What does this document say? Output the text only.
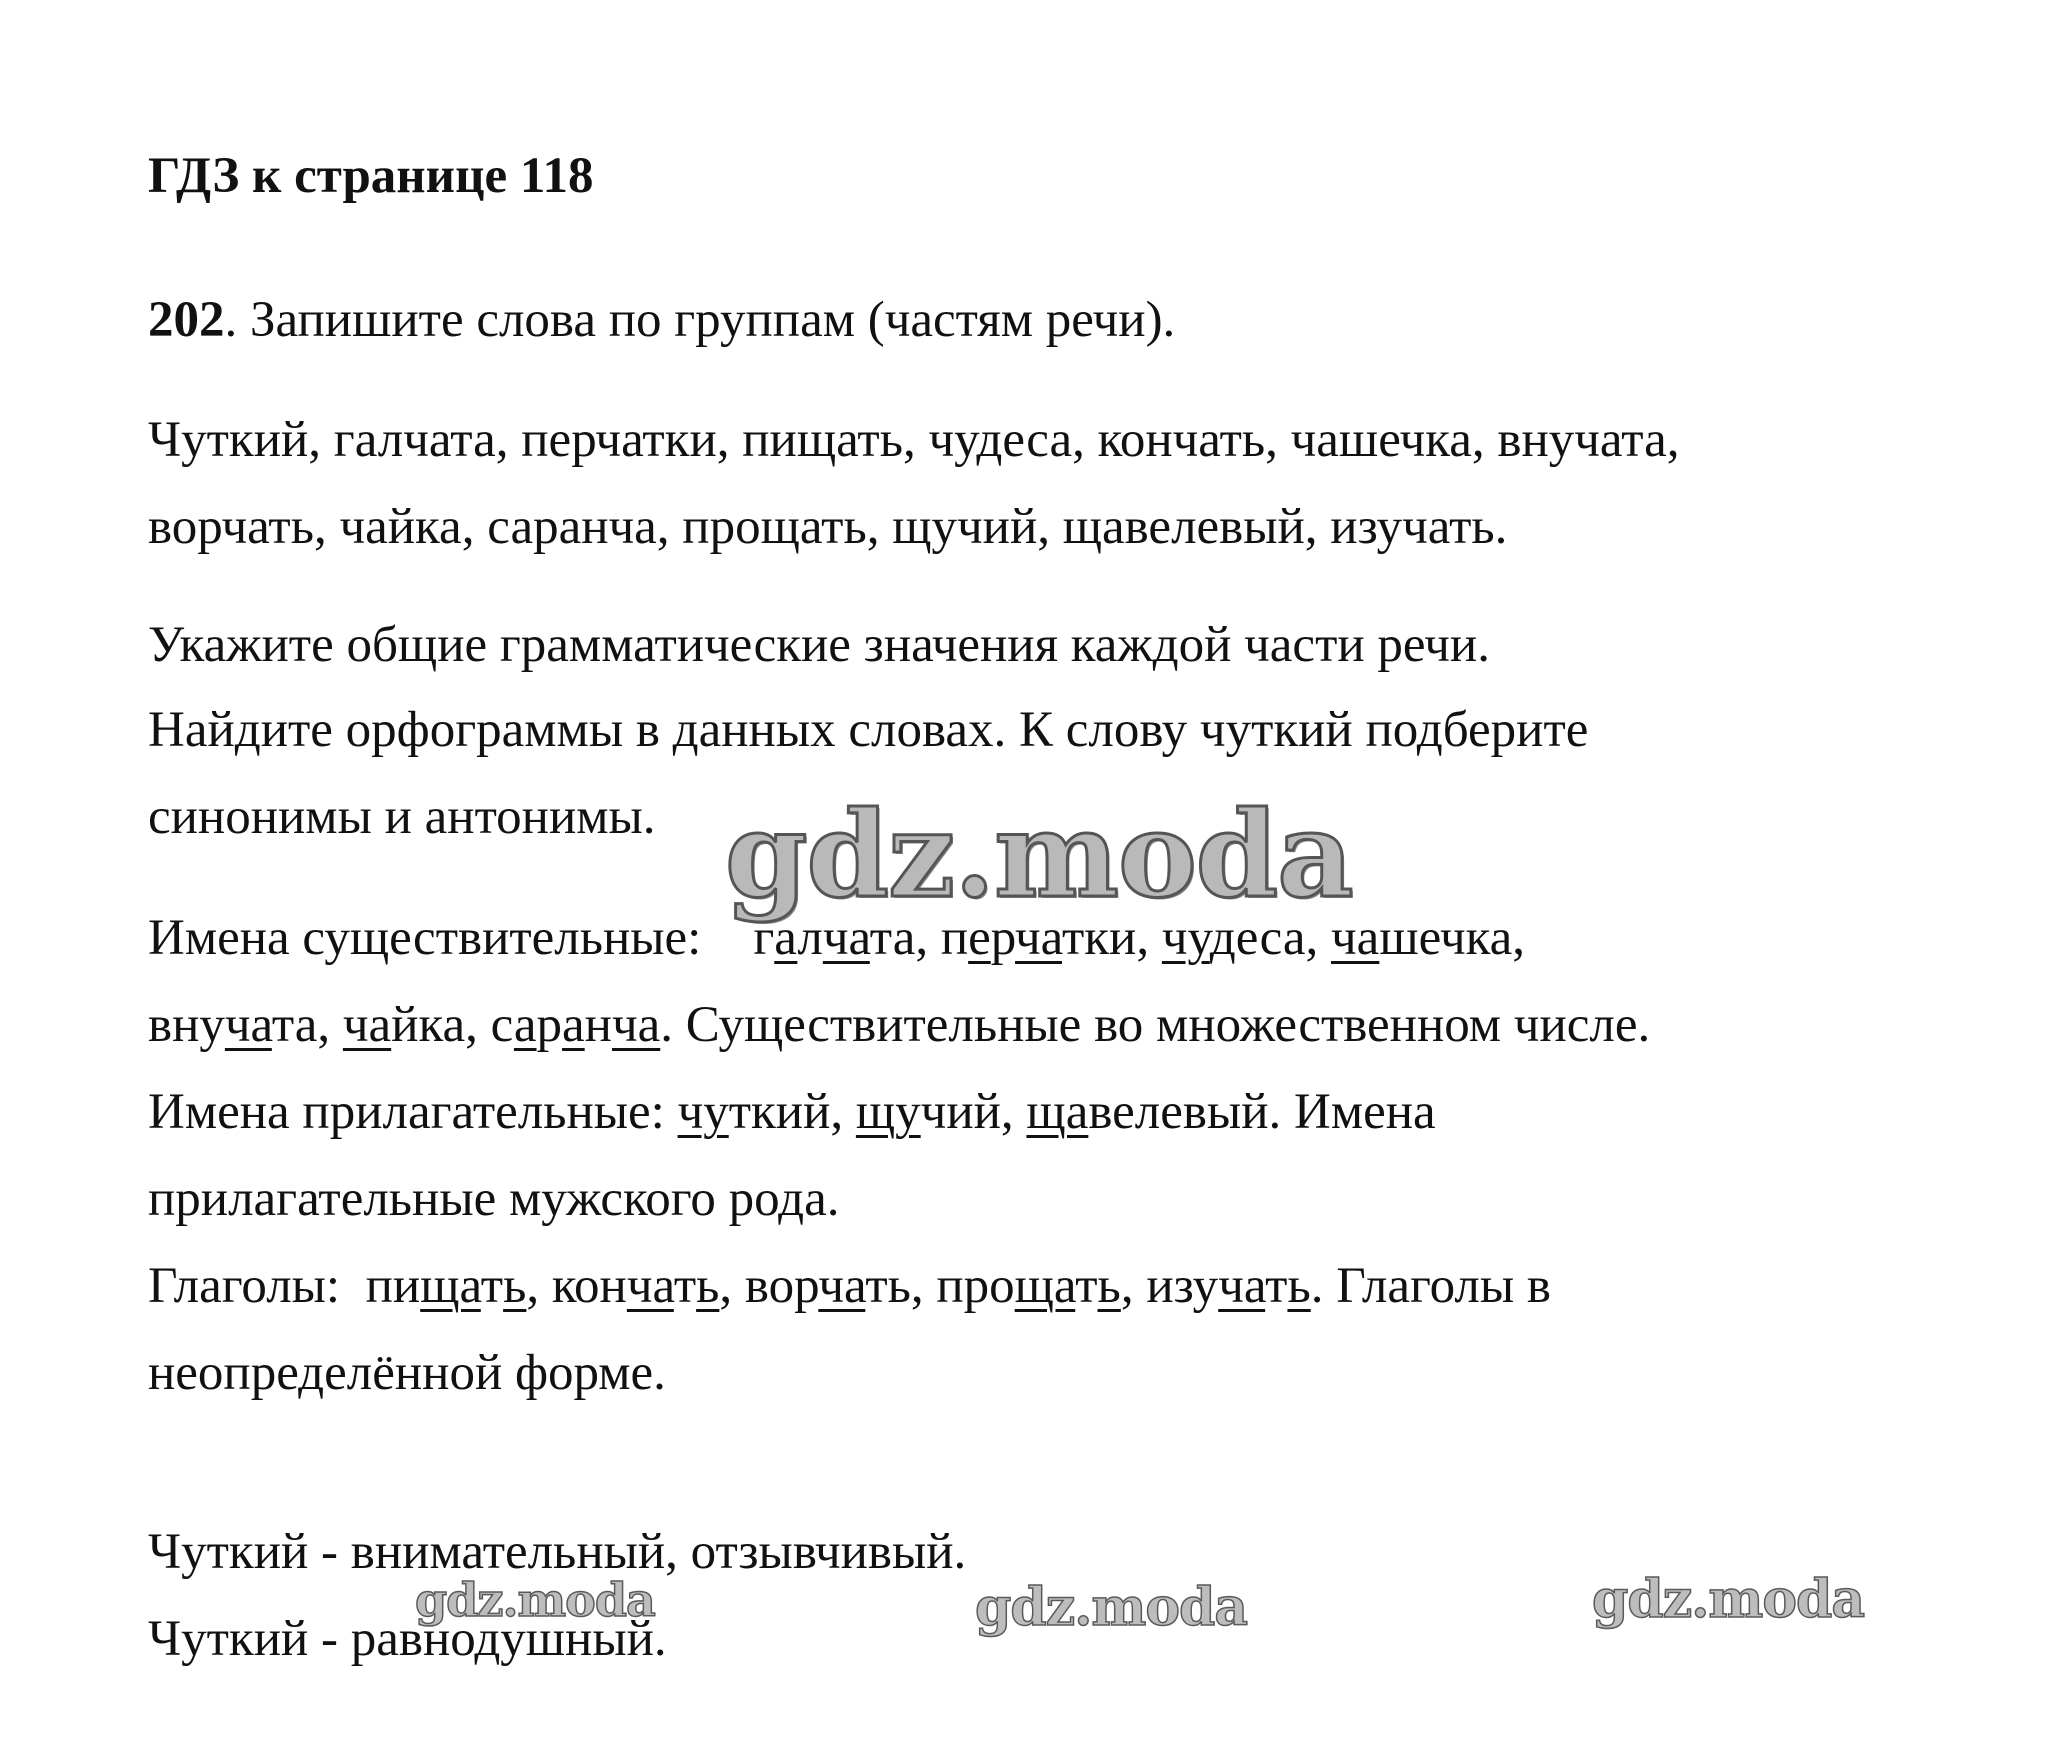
ГДЗ к странице 118
202. Запишите слова по группам (частям речи).
Чуткий, галчата, перчатки, пищать, чудеса, кончать, чашечка, внучата,
ворчать, чайка, саранча, прощать, щучий, щавелевый, изучать.
Укажите общие грамматические значения каждой части речи.
Найдите орфограммы в данных словах. К слову чуткий подберите
синонимы и антонимы.
Имена существительные: галчата, перчатки, чудеса, чашечка,
внучата, чайка, саранча. Существительные во множественном числе.
Имена прилагательные: чуткий, щучий, щавелевый. Имена
прилагательные мужского рода.
Глаголы:  пищать, кончать, ворчать, прощать, изучать. Глаголы в
неопределённой форме.
Чуткий - внимательный, отзывчивый.
Чуткий - равнодушный.
gdz.moda
gdz.moda	gdz.moda	gdz.moda
